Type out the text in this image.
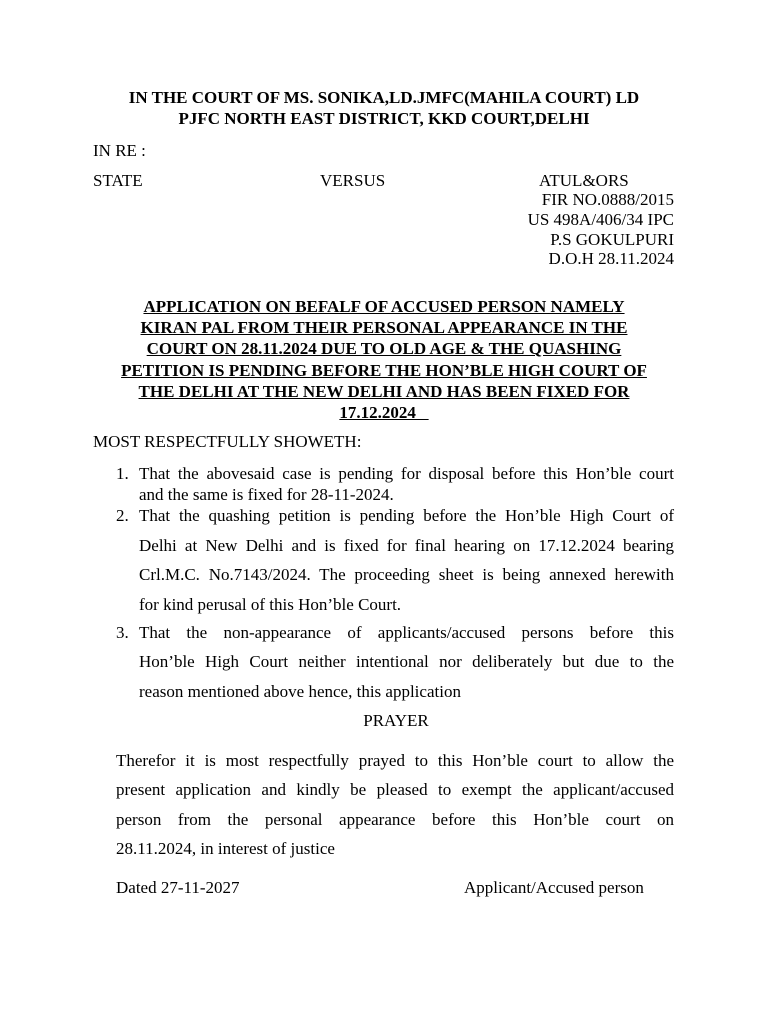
IN THE COURT OF MS. SONIKA,LD.JMFC(MAHILA COURT) LD

PJFC NORTH EAST DISTRICT, KKD COURT,DELHI

IN RE :

STATE	VERSUS	ATUL&ORS

FIR NO.0888/2015

US 498A/406/34 IPC

P.S GOKULPURI

D.O.H 28.11.2024

APPLICATION ON BEFALF OF ACCUSED PERSON NAMELY
KIRAN PAL FROM THEIR PERSONAL APPEARANCE IN THE
COURT ON 28.11.2024 DUE TO OLD AGE & THE QUASHING
PETITION IS PENDING BEFORE THE HON’BLE HIGH COURT OF
THE DELHI AT THE NEW DELHI AND HAS BEEN FIXED FOR
17.12.2024

MOST RESPECTFULLY SHOWETH:

1. That the abovesaid case is pending for disposal before this Hon’ble court
and the same is fixed for 28-11-2024.
2. That the quashing petition is pending before the Hon’ble High Court of
Delhi at New Delhi and is fixed for final hearing on 17.12.2024 bearing
Crl.M.C. No.7143/2024. The proceeding sheet is being annexed herewith
for kind perusal of this Hon’ble Court.
3. That the non-appearance of applicants/accused persons before this
Hon’ble High Court neither intentional nor deliberately but due to the
reason mentioned above hence, this application

PRAYER

Therefor it is most respectfully prayed to this Hon’ble court to allow the
present application and kindly be pleased to exempt the applicant/accused
person from the personal appearance before this Hon’ble court on
28.11.2024, in interest of justice

Dated 27-11-2027	Applicant/Accused person
